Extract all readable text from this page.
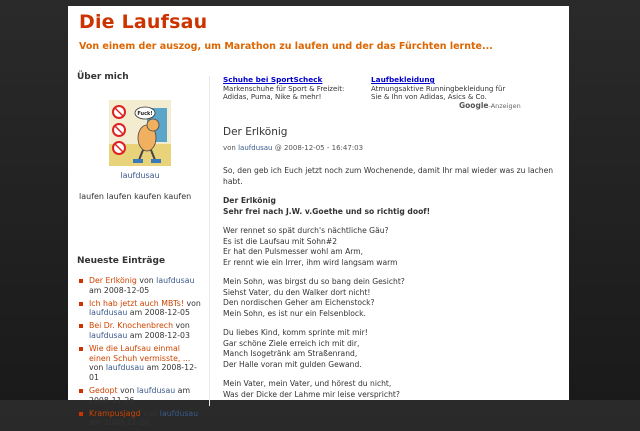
Die Laufsau
Von einem der auszog, um Marathon zu laufen und der das Fürchten lernte...
Über mich
Fuck!
laufdusau
laufen laufen kaufen kaufen
Neueste Einträge
Der Erlkönig von laufdusau am 2008-12-05
Ich hab jetzt auch MBTs! von laufdusau am 2008-12-05
Bei Dr. Knochenbrech von laufdusau am 2008-12-03
Wie die Laufsau einmal einen Schuh vermisste, ... von laufdusau am 2008-12-01
Gedopt von laufdusau am 2008-11-26
Krampusjagd von laufdusau am 2008-11-26
Schuhe bei SportScheck
Markenschuhe für Sport & Freizeit:
Adidas, Puma, Nike & mehr!
Laufbekleidung
Atmungsaktive Runningbekleidung für
Sie & Ihn von Adidas, Asics & Co.
Google-Anzeigen
Der Erlkönig
von laufdusau @ 2008-12-05 - 16:47:03

So, den geb ich Euch jetzt noch zum Wochenende, damit Ihr mal wieder was zu lachen
habt.

Der Erlkönig
Sehr frei nach J.W. v.Goethe und so richtig doof!

Wer rennet so spät durch's nächtliche Gäu?
Es ist die Laufsau mit Sohn#2
Er hat den Pulsmesser wohl am Arm,
Er rennt wie ein Irrer, ihm wird langsam warm

Mein Sohn, was birgst du so bang dein Gesicht?
Siehst Vater, du den Walker dort nicht!
Den nordischen Geher am Eichenstock?
Mein Sohn, es ist nur ein Felsenblock.

Du liebes Kind, komm sprinte mit mir!
Gar schöne Ziele erreich ich mit dir,
Manch Isogetränk am Straßenrand,
Der Halle voran mit gulden Gewand.

Mein Vater, mein Vater, und hörest du nicht,
Was der Dicke der Lahme mir leise verspricht?
